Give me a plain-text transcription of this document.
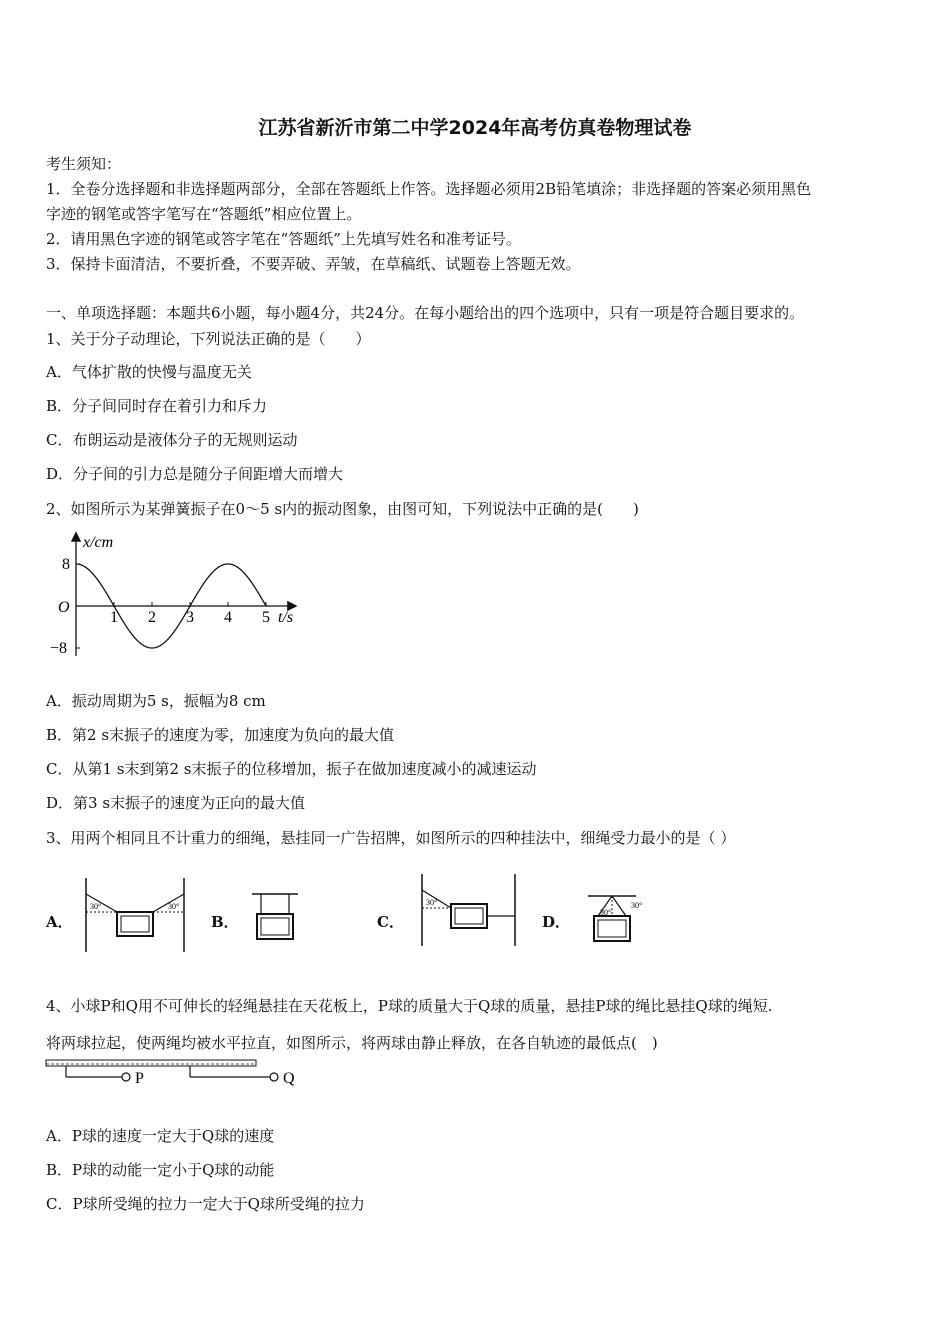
江苏省新沂市第二中学2024年高考仿真卷物理试卷
考生须知：
1．全卷分选择题和非选择题两部分，全部在答题纸上作答。选择题必须用2B铅笔填涂；非选择题的答案必须用黑色
字迹的钢笔或答字笔写在“答题纸”相应位置上。
2．请用黑色字迹的钢笔或答字笔在“答题纸”上先填写姓名和准考证号。
3．保持卡面清洁，不要折叠，不要弄破、弄皱，在草稿纸、试题卷上答题无效。
一、单项选择题：本题共6小题，每小题4分，共24分。在每小题给出的四个选项中，只有一项是符合题目要求的。
1、关于分子动理论，下列说法正确的是（　　）
A．气体扩散的快慢与温度无关
B．分子间同时存在着引力和斥力
C．布朗运动是液体分子的无规则运动
D．分子间的引力总是随分子间距增大而增大
2、如图所示为某弹簧振子在0～5 s内的振动图象，由图可知，下列说法中正确的是(　　)
x/cm
t/s
8
O
−8
1 2 3 4 5
A．振动周期为5 s，振幅为8 cm
B．第2 s末振子的速度为零，加速度为负向的最大值
C．从第1 s末到第2 s末振子的位移增加，振子在做加速度减小的减速运动
D．第3 s末振子的速度为正向的最大值
3、用两个相同且不计重力的细绳，悬挂同一广告招牌，如图所示的四种挂法中，细绳受力最小的是（ ）
A．
30°	30°
B．	C．
30°
D．
30°
30°
4、小球P和Q用不可伸长的轻绳悬挂在天花板上，P球的质量大于Q球的质量，悬挂P球的绳比悬挂Q球的绳短.
将两球拉起，使两绳均被水平拉直，如图所示，将两球由静止释放，在各自轨迹的最低点(　)
P	Q
A．P球的速度一定大于Q球的速度
B．P球的动能一定小于Q球的动能
C．P球所受绳的拉力一定大于Q球所受绳的拉力
